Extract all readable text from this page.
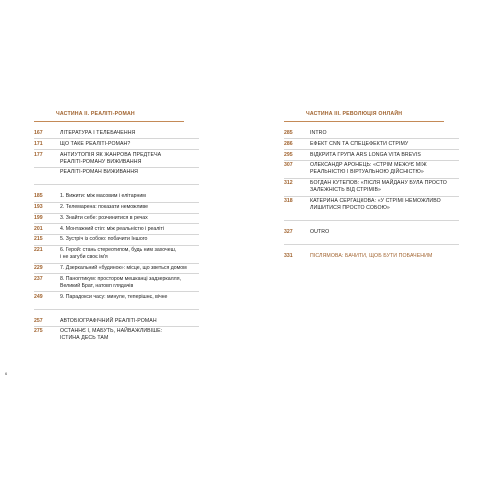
ЧАСТИНА ІІ. РЕАЛІТІ-РОМАН
167	ЛІТЕРАТУРА І ТЕЛЕБАЧЕННЯ
171	ЩО ТАКЕ РЕАЛІТІ-РОМАН?
177	АНТИУТОПІЯ ЯК ЖАНРОВА ПРЕДТЕЧА
РЕАЛІТІ-РОМАНУ ВИЖИВАННЯ
РЕАЛІТІ-РОМАН ВИЖИВАННЯ
185	1. Вижити: між масовим і елітарним
193	2. Телемарена: показати неможливе
199	3. Знайти себе: розчинитися в речах
201	4. Монтажний стіл: між реальністю і реаліті
215	5. Зустріч із собою: побачити Іншого
221	6. Герой: стань стереотипом, будь ним захочеш,
і не загуби своє ім'я
229	7. Дзеркальний «будинок»: місце, що зветься домом
237	8. Паноптикум: простором мешканці задзеркалля,
Великий Брат, натовп глядачів
249	9. Парадокси часу: минуле, теперішнє, вічне
257	АВТОБІОГРАФІЧНИЙ РЕАЛІТІ-РОМАН
275	ОСТАННЄ І, МАБУТЬ, НАЙВАЖЛИВІШЕ:
ІСТИНА ДЕСЬ ТАМ
ЧАСТИНА ІІІ. РЕВОЛЮЦІЯ ОНЛАЙН
285	INTRO
286	ЕФЕКТ CNN ТА СПЕЦЕФЕКТИ СТРІМУ
295	ВІДКРИТА ГРУПА ARS LONGA VITA BREVIS
307	ОЛЕКСАНДР АРОНЕЦЬ: «СТРІМ МЕЖУЄ МІЖ
РЕАЛЬНІСТЮ І ВІРТУАЛЬНОЮ ДІЙСНІСТЮ»
312	БОГДАН КУТЕПОВ: «ПІСЛЯ МАЙДАНУ БУЛА ПРОСТО
ЗАЛЕЖНІСТЬ ВІД СТРІМІВ»
318	КАТЕРИНА СЕРГАЦКОВА: «У СТРІМІ НЕМОЖЛИВО
ЛИШИТИСЯ ПРОСТО СОБОЮ»
327	OUTRO
331	ПІСЛЯМОВА: БАЧИТИ, ЩОБ БУТИ ПОБАЧЕНИМ
6
